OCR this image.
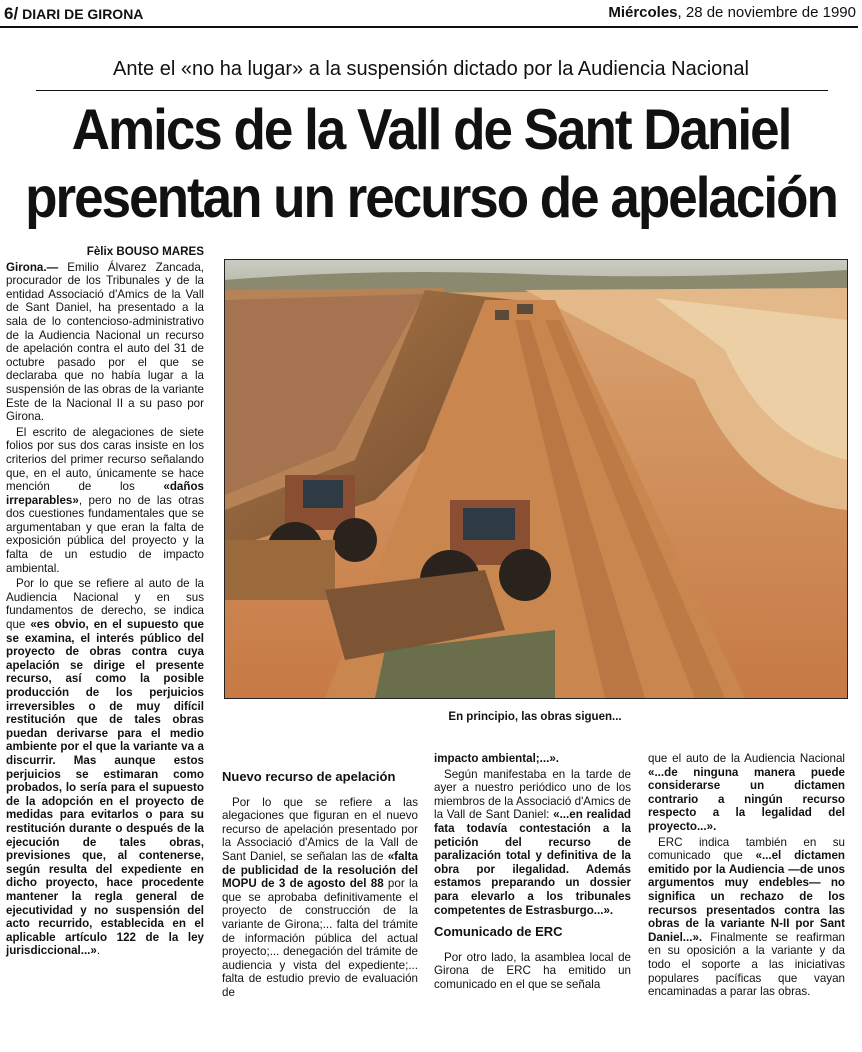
6/ DIARI DE GIRONA	Miércoles, 28 de noviembre de 1990
Ante el «no ha lugar» a la suspensión dictado por la Audiencia Nacional
Amics de la Vall de Sant Daniel
presentan un recurso de apelación
Fèlix BOUSO MARES

Girona.— Emilio Álvarez Zancada, procurador de los Tribunales y de la entidad Associació d'Amics de la Vall de Sant Daniel, ha presentado a la sala de lo contencioso-administrativo de la Audiencia Nacional un recurso de apelación contra el auto del 31 de octubre pasado por el que se declaraba que no había lugar a la suspensión de las obras de la variante Este de la Nacional II a su paso por Girona.

El escrito de alegaciones de siete folios por sus dos caras insiste en los criterios del primer recurso señalando que, en el auto, únicamente se hace mención de los «daños irreparables», pero no de las otras dos cuestiones fundamentales que se argumentaban y que eran la falta de exposición pública del proyecto y la falta de un estudio de impacto ambiental.

Por lo que se refiere al auto de la Audiencia Nacional y en sus fundamentos de derecho, se indica que «es obvio, en el supuesto que se examina, el interés público del proyecto de obras contra cuya apelación se dirige el presente recurso, así como la posible producción de los perjuicios irreversibles o de muy difícil restitución que de tales obras puedan derivarse para el medio ambiente por el que la variante va a discurrir. Mas aunque estos perjuicios se estimaran como probados, lo sería para el supuesto de la adopción en el proyecto de medidas para evitarlos o para su restitución durante o después de la ejecución de tales obras, previsiones que, al contenerse, según resulta del expediente en dicho proyecto, hace procedente mantener la regla general de ejecutividad y no suspensión del acto recurrido, establecida en el aplicable artículo 122 de la ley jurisdiccional...».

En principio, las obras siguen...
Nuevo recurso de apelación

Por lo que se refiere a las alegaciones que figuran en el nuevo recurso de apelación presentado por la Associació d'Amics de la Vall de Sant Daniel, se señalan las de «falta de publicidad de la resolución del MOPU de 3 de agosto del 88 por la que se aprobaba definitivamente el proyecto de construcción de la variante de Girona;... falta del trámite de información pública del actual proyecto;... denegación del trámite de audiencia y vista del expediente;... falta de estudio previo de evaluación de

impacto ambiental;...».

Según manifestaba en la tarde de ayer a nuestro periódico uno de los miembros de la Associació d'Amics de la Vall de Sant Daniel: «...en realidad fata todavía contestación a la petición del recurso de paralización total y definitiva de la obra por ilegalidad. Además estamos preparando un dossier para elevarlo a los tribunales competentes de Estrasburgo...».

Comunicado de ERC

Por otro lado, la asamblea local de Girona de ERC ha emitido un comunicado en el que se señala

que el auto de la Audiencia Nacional «...de ninguna manera puede considerarse un dictamen contrario a ningún recurso respecto a la legalidad del proyecto...».

ERC indica también en su comunicado que «...el dictamen emitido por la Audiencia —de unos argumentos muy endebles— no significa un rechazo de los recursos presentados contra las obras de la variante N-II por Sant Daniel...». Finalmente se reafirman en su oposición a la variante y da todo el soporte a las iniciativas populares pacíficas que vayan encaminadas a parar las obras.
